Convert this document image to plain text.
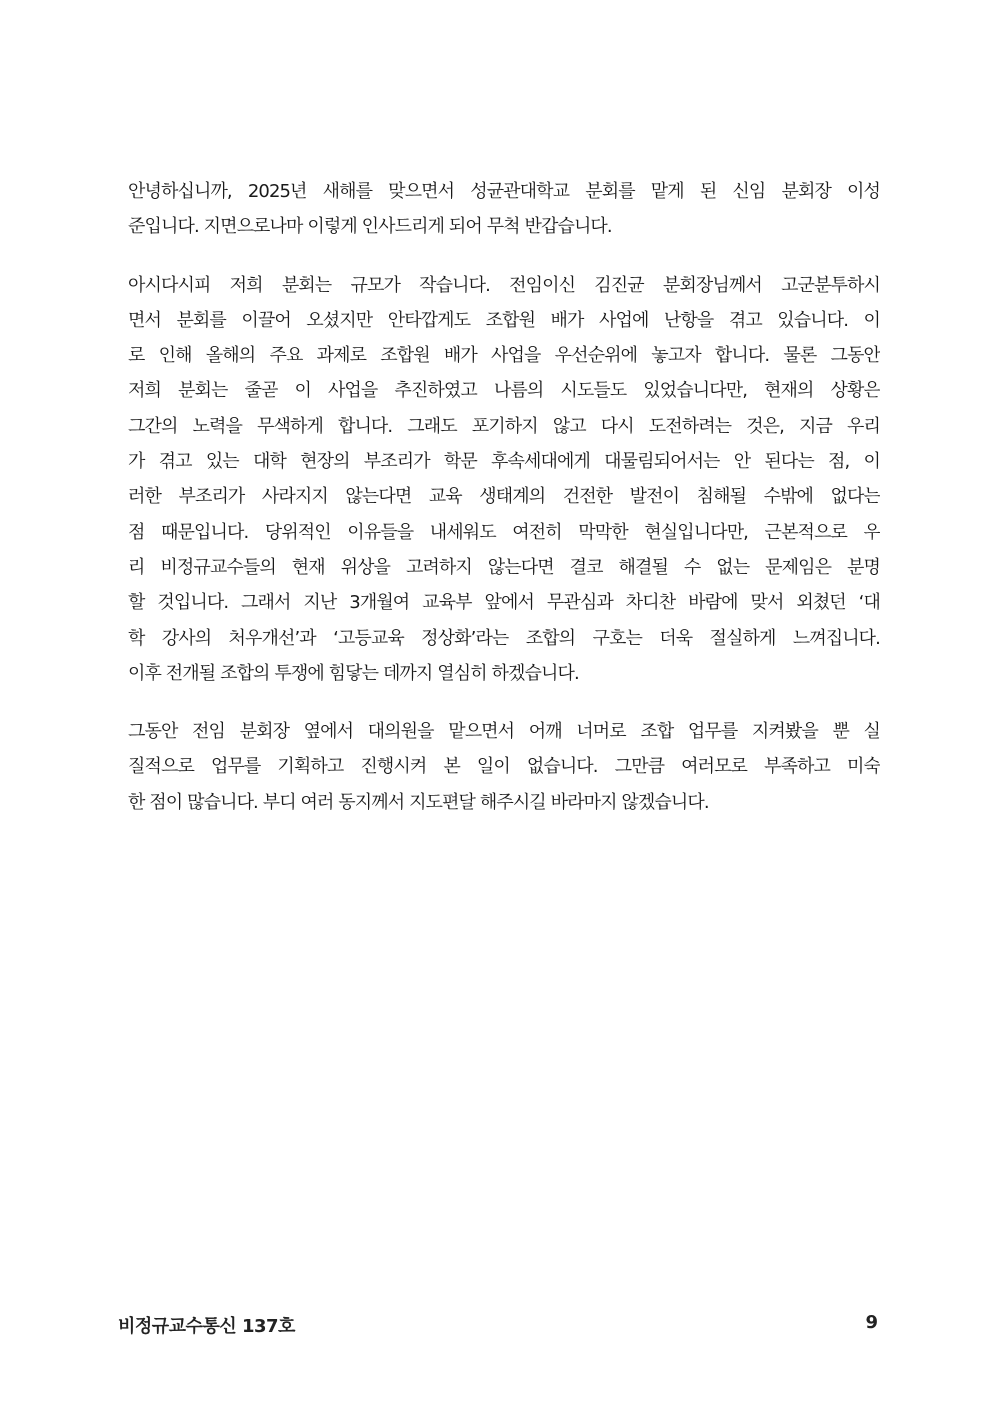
안녕하십니까, 2025년 새해를 맞으면서 성균관대학교 분회를 맡게 된 신임 분회장 이성
준입니다. 지면으로나마 이렇게 인사드리게 되어 무척 반갑습니다.
아시다시피 저희 분회는 규모가 작습니다. 전임이신 김진균 분회장님께서 고군분투하시
면서 분회를 이끌어 오셨지만 안타깝게도 조합원 배가 사업에 난항을 겪고 있습니다. 이
로 인해 올해의 주요 과제로 조합원 배가 사업을 우선순위에 놓고자 합니다. 물론 그동안
저희 분회는 줄곧 이 사업을 추진하였고 나름의 시도들도 있었습니다만, 현재의 상황은
그간의 노력을 무색하게 합니다. 그래도 포기하지 않고 다시 도전하려는 것은, 지금 우리
가 겪고 있는 대학 현장의 부조리가 학문 후속세대에게 대물림되어서는 안 된다는 점, 이
러한 부조리가 사라지지 않는다면 교육 생태계의 건전한 발전이 침해될 수밖에 없다는
점 때문입니다. 당위적인 이유들을 내세워도 여전히 막막한 현실입니다만, 근본적으로 우
리 비정규교수들의 현재 위상을 고려하지 않는다면 결코 해결될 수 없는 문제임은 분명
할 것입니다. 그래서 지난 3개월여 교육부 앞에서 무관심과 차디찬 바람에 맞서 외쳤던 ‘대
학 강사의 처우개선’과 ‘고등교육 정상화’라는 조합의 구호는 더욱 절실하게 느껴집니다.
이후 전개될 조합의 투쟁에 힘닿는 데까지 열심히 하겠습니다.
그동안 전임 분회장 옆에서 대의원을 맡으면서 어깨 너머로 조합 업무를 지켜봤을 뿐 실
질적으로 업무를 기획하고 진행시켜 본 일이 없습니다. 그만큼 여러모로 부족하고 미숙
한 점이 많습니다. 부디 여러 동지께서 지도편달 해주시길 바라마지 않겠습니다.
비정규교수통신 137호	9
